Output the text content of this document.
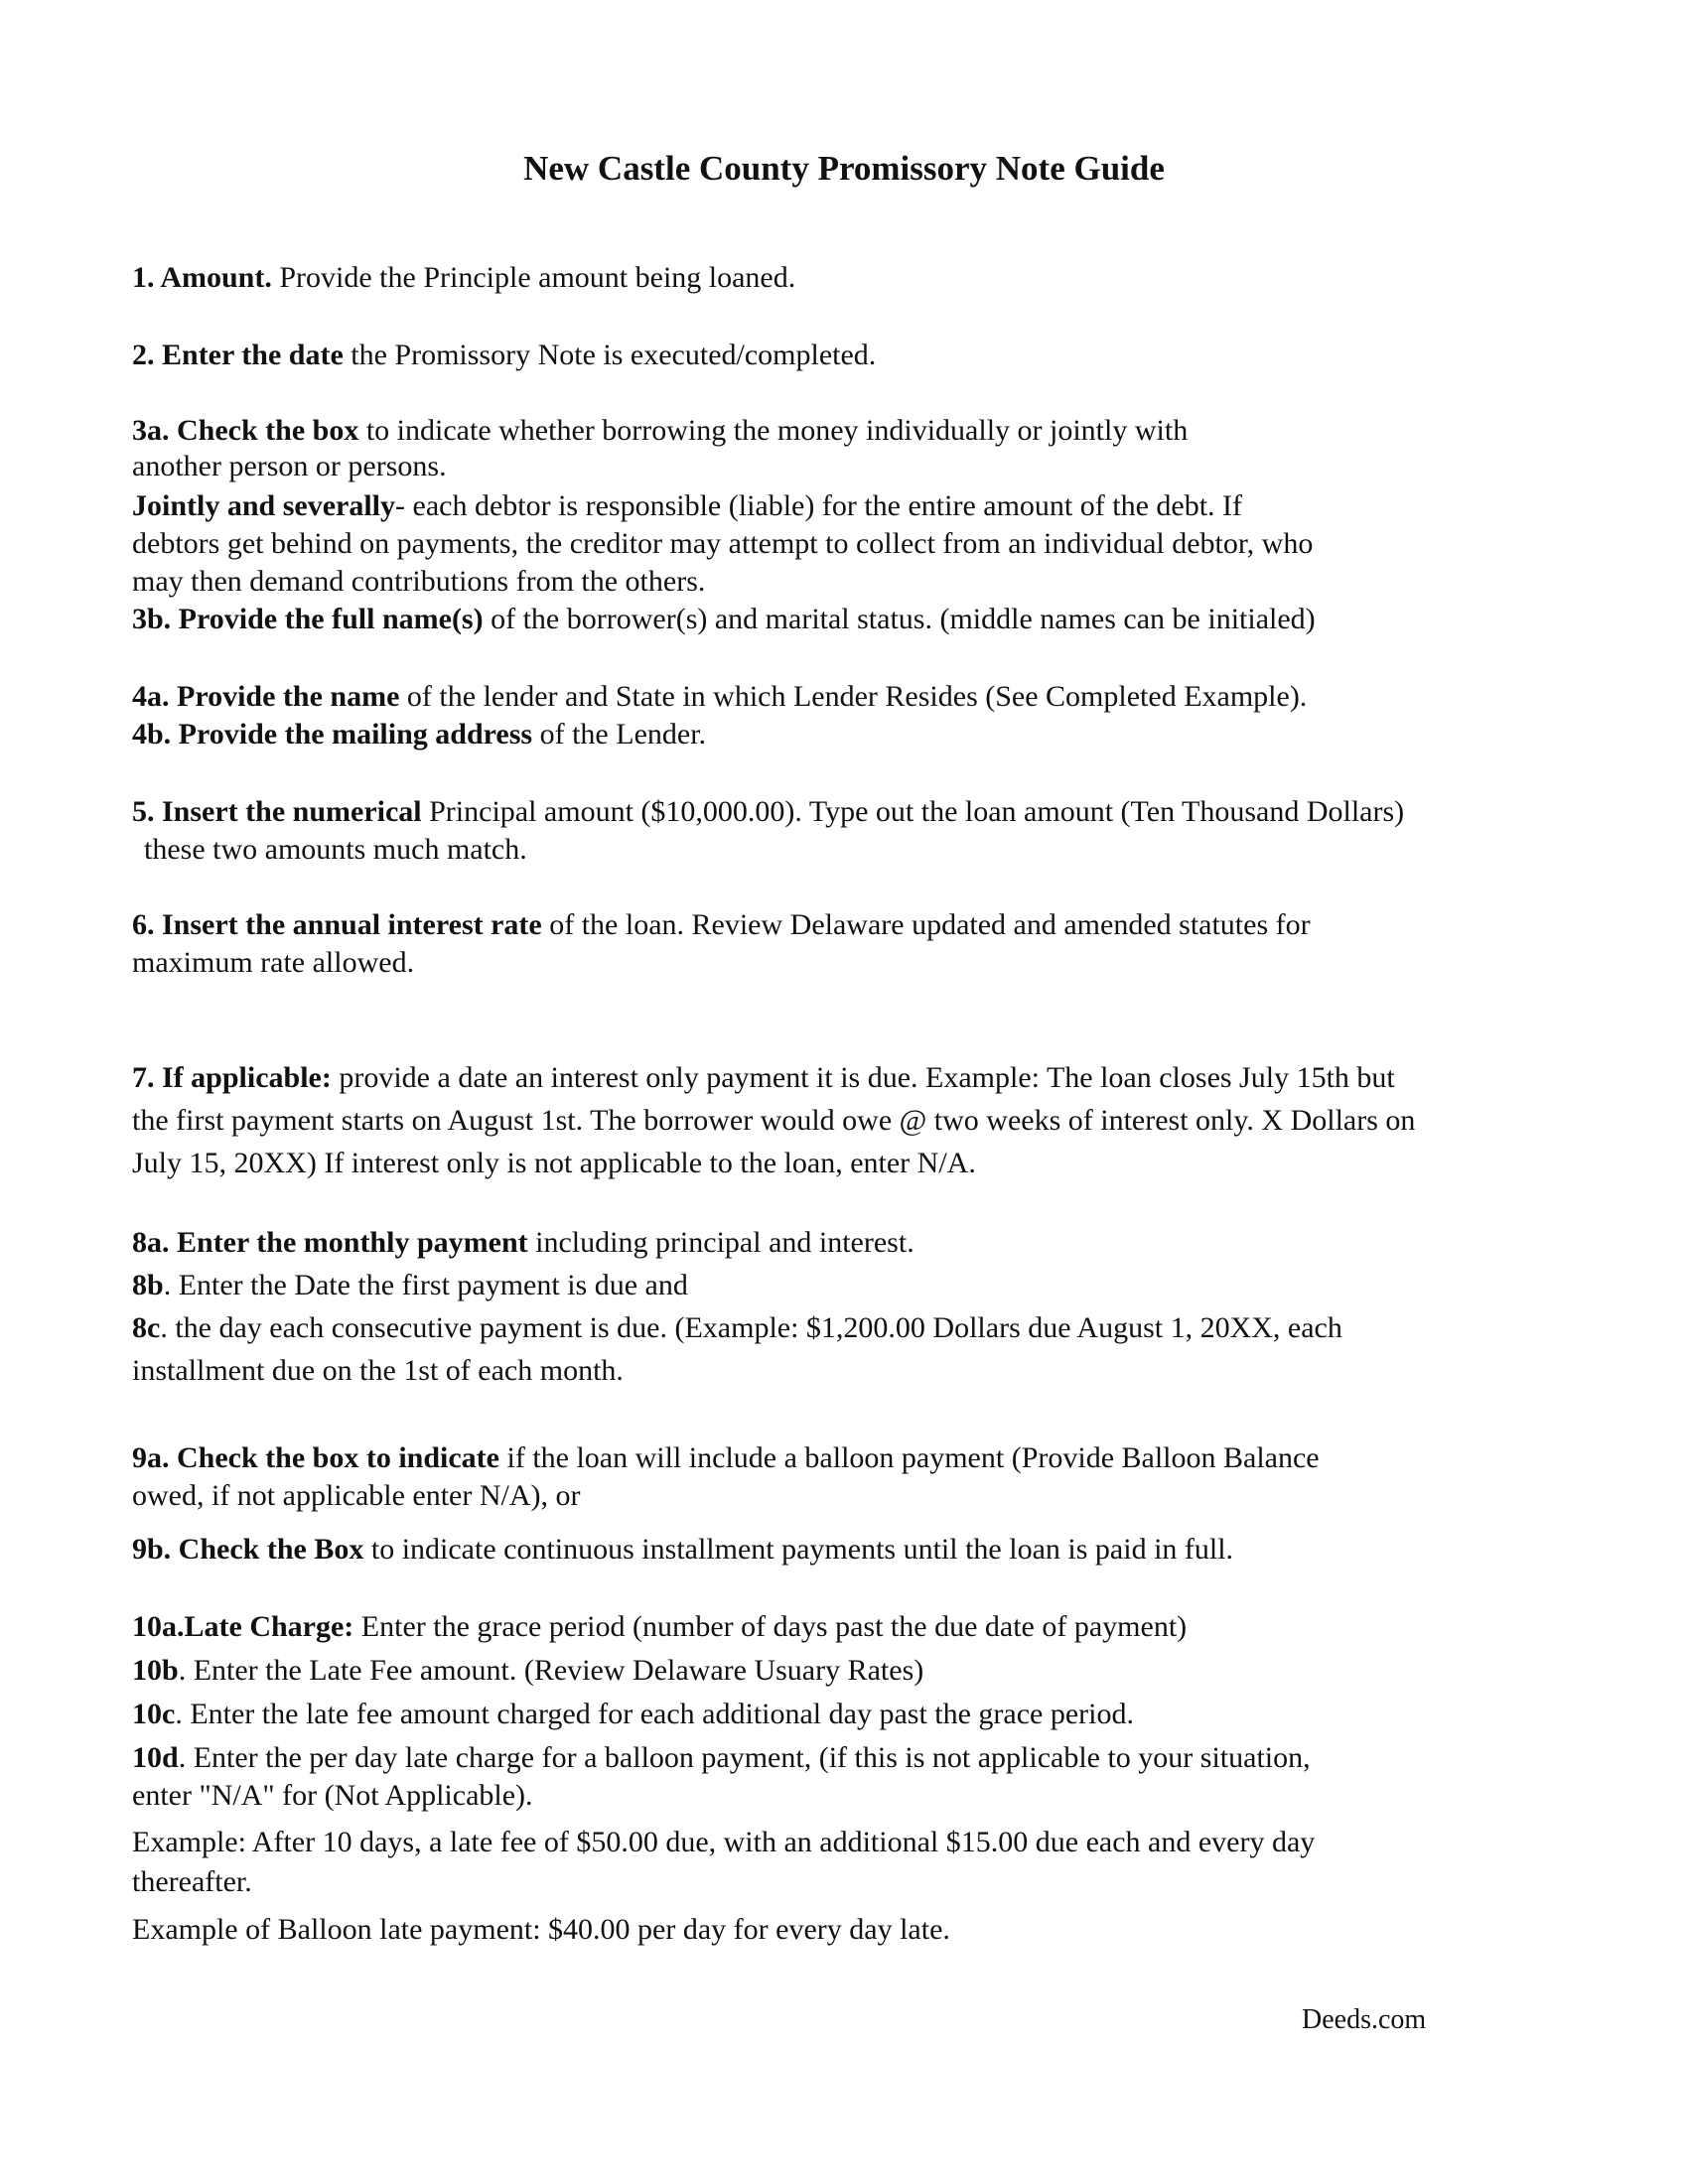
New Castle County Promissory Note Guide
1. Amount. Provide the Principle amount being loaned.
2. Enter the date the Promissory Note is executed/completed.
3a. Check the box to indicate whether borrowing the money individually or jointly with
another person or persons.
Jointly and severally- each debtor is responsible (liable) for the entire amount of the debt. If
debtors get behind on payments, the creditor may attempt to collect from an individual debtor, who
may then demand contributions from the others.
3b. Provide the full name(s) of the borrower(s) and marital status. (middle names can be initialed)
4a. Provide the name of the lender and State in which Lender Resides (See Completed Example).
4b. Provide the mailing address of the Lender.
5. Insert the numerical Principal amount ($10,000.00). Type out the loan amount (Ten Thousand Dollars)
these two amounts much match.
6. Insert the annual interest rate of the loan. Review Delaware updated and amended statutes for
maximum rate allowed.
7. If applicable: provide a date an interest only payment it is due. Example: The loan closes July 15th but
the first payment starts on August 1st. The borrower would owe @ two weeks of interest only. X Dollars on
July 15, 20XX) If interest only is not applicable to the loan, enter N/A.
8a. Enter the monthly payment including principal and interest.
8b. Enter the Date the first payment is due and
8c. the day each consecutive payment is due. (Example: $1,200.00 Dollars due August 1, 20XX, each
installment due on the 1st of each month.
9a. Check the box to indicate if the loan will include a balloon payment (Provide Balloon Balance
owed, if not applicable enter N/A), or
9b. Check the Box to indicate continuous installment payments until the loan is paid in full.
10a.Late Charge: Enter the grace period (number of days past the due date of payment)
10b. Enter the Late Fee amount. (Review Delaware Usuary Rates)
10c. Enter the late fee amount charged for each additional day past the grace period.
10d. Enter the per day late charge for a balloon payment, (if this is not applicable to your situation,
enter "N/A" for (Not Applicable).
Example: After 10 days, a late fee of $50.00 due, with an additional $15.00 due each and every day
thereafter.
Example of Balloon late payment: $40.00 per day for every day late.
Deeds.com
